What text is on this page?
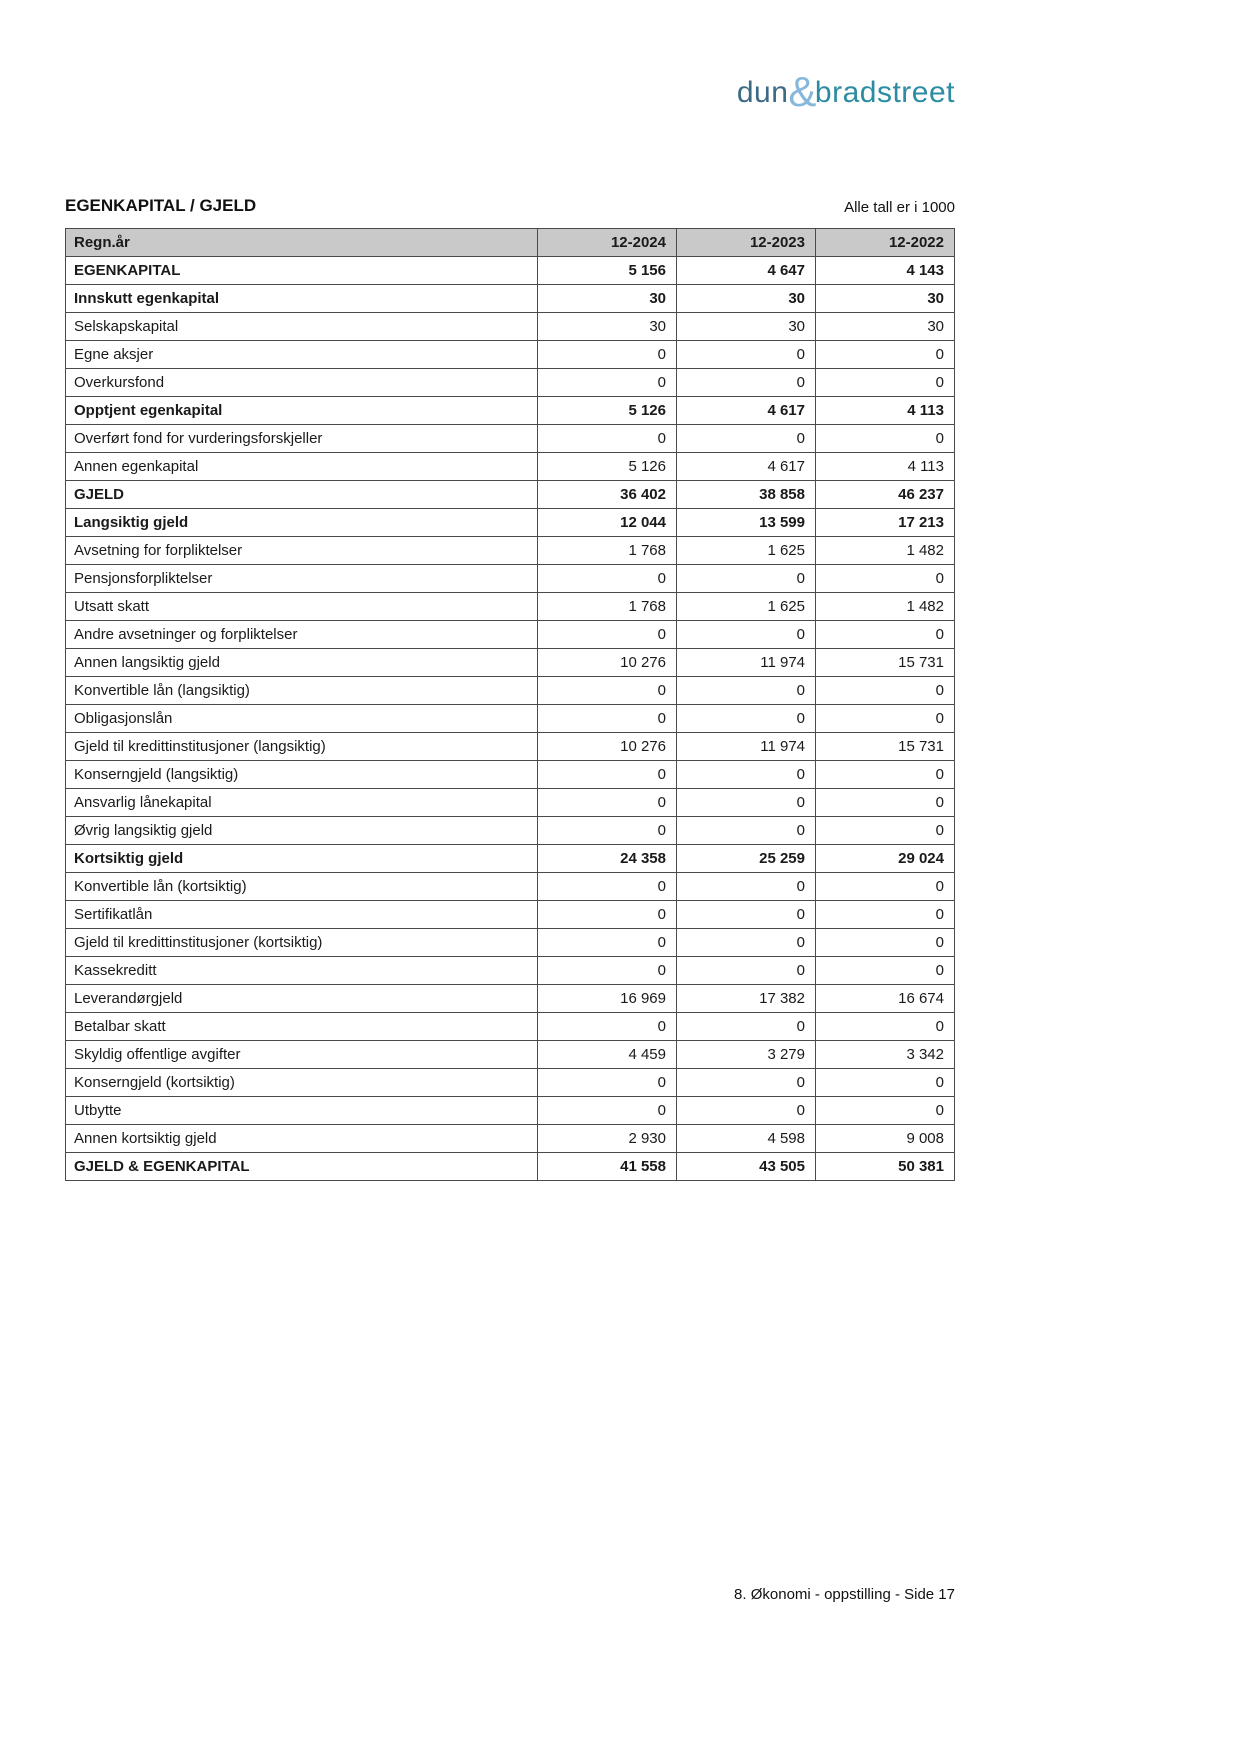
dun&bradstreet
EGENKAPITAL / GJELD	Alle tall er i 1000
Regn.år	12-2024	12-2023	12-2022
EGENKAPITAL	5 156	4 647	4 143
Innskutt egenkapital	30	30	30
Selskapskapital	30	30	30
Egne aksjer	0	0	0
Overkursfond	0	0	0
Opptjent egenkapital	5 126	4 617	4 113
Overført fond for vurderingsforskjeller	0	0	0
Annen egenkapital	5 126	4 617	4 113
GJELD	36 402	38 858	46 237
Langsiktig gjeld	12 044	13 599	17 213
Avsetning for forpliktelser	1 768	1 625	1 482
Pensjonsforpliktelser	0	0	0
Utsatt skatt	1 768	1 625	1 482
Andre avsetninger og forpliktelser	0	0	0
Annen langsiktig gjeld	10 276	11 974	15 731
Konvertible lån (langsiktig)	0	0	0
Obligasjonslån	0	0	0
Gjeld til kredittinstitusjoner (langsiktig)	10 276	11 974	15 731
Konserngjeld (langsiktig)	0	0	0
Ansvarlig lånekapital	0	0	0
Øvrig langsiktig gjeld	0	0	0
Kortsiktig gjeld	24 358	25 259	29 024
Konvertible lån (kortsiktig)	0	0	0
Sertifikatlån	0	0	0
Gjeld til kredittinstitusjoner (kortsiktig)	0	0	0
Kassekreditt	0	0	0
Leverandørgjeld	16 969	17 382	16 674
Betalbar skatt	0	0	0
Skyldig offentlige avgifter	4 459	3 279	3 342
Konserngjeld (kortsiktig)	0	0	0
Utbytte	0	0	0
Annen kortsiktig gjeld	2 930	4 598	9 008
GJELD & EGENKAPITAL	41 558	43 505	50 381
8. Økonomi - oppstilling - Side 17
